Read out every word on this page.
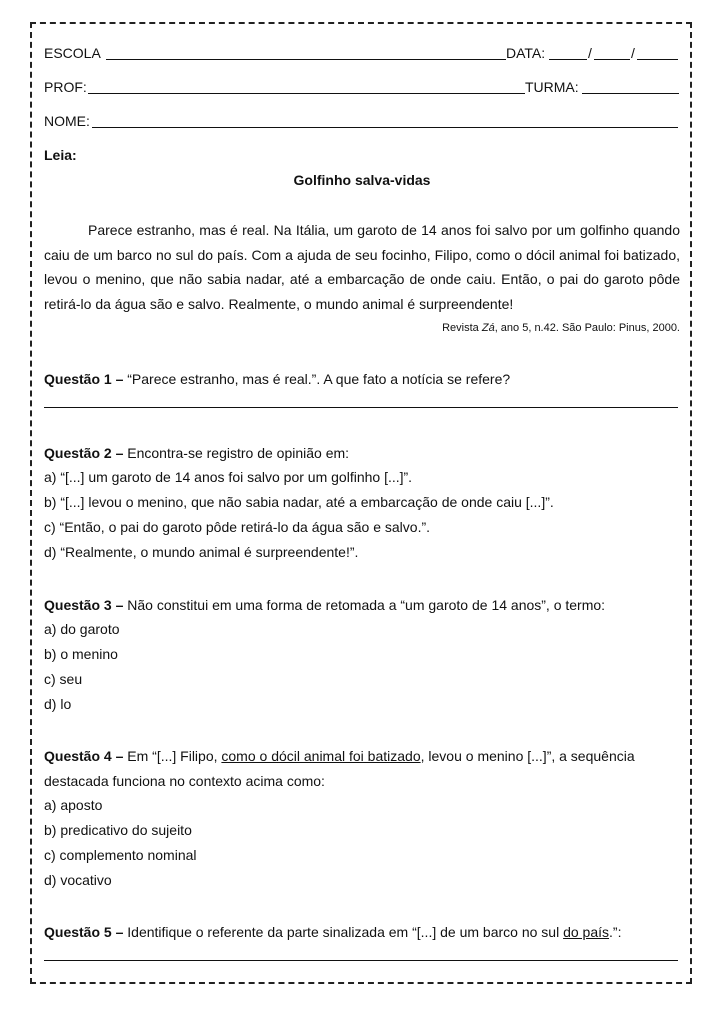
ESCOLA	DATA:	/	/
PROF:	TURMA:
NOME:
Leia:
Golfinho salva-vidas
Parece estranho, mas é real. Na Itália, um garoto de 14 anos foi salvo por um golfinho quando caiu de um barco no sul do país. Com a ajuda de seu focinho, Filipo, como o dócil animal foi batizado, levou o menino, que não sabia nadar, até a embarcação de onde caiu. Então, o pai do garoto pôde retirá-lo da água são e salvo. Realmente, o mundo animal é surpreendente!
Revista Zá, ano 5, n.42. São Paulo: Pinus, 2000.
Questão 1 – “Parece estranho, mas é real.”. A que fato a notícia se refere?
Questão 2 – Encontra-se registro de opinião em:
a) “[...] um garoto de 14 anos foi salvo por um golfinho [...]”.
b) “[...] levou o menino, que não sabia nadar, até a embarcação de onde caiu [...]”.
c) “Então, o pai do garoto pôde retirá-lo da água são e salvo.”.
d) “Realmente, o mundo animal é surpreendente!”.
Questão 3 – Não constitui em uma forma de retomada a “um garoto de 14 anos”, o termo:
a) do garoto
b) o menino
c) seu
d) lo
Questão 4 – Em “[...] Filipo, como o dócil animal foi batizado, levou o menino [...]”, a sequência
destacada funciona no contexto acima como:
a) aposto
b) predicativo do sujeito
c) complemento nominal
d) vocativo
Questão 5 – Identifique o referente da parte sinalizada em “[...] de um barco no sul do país.”:
